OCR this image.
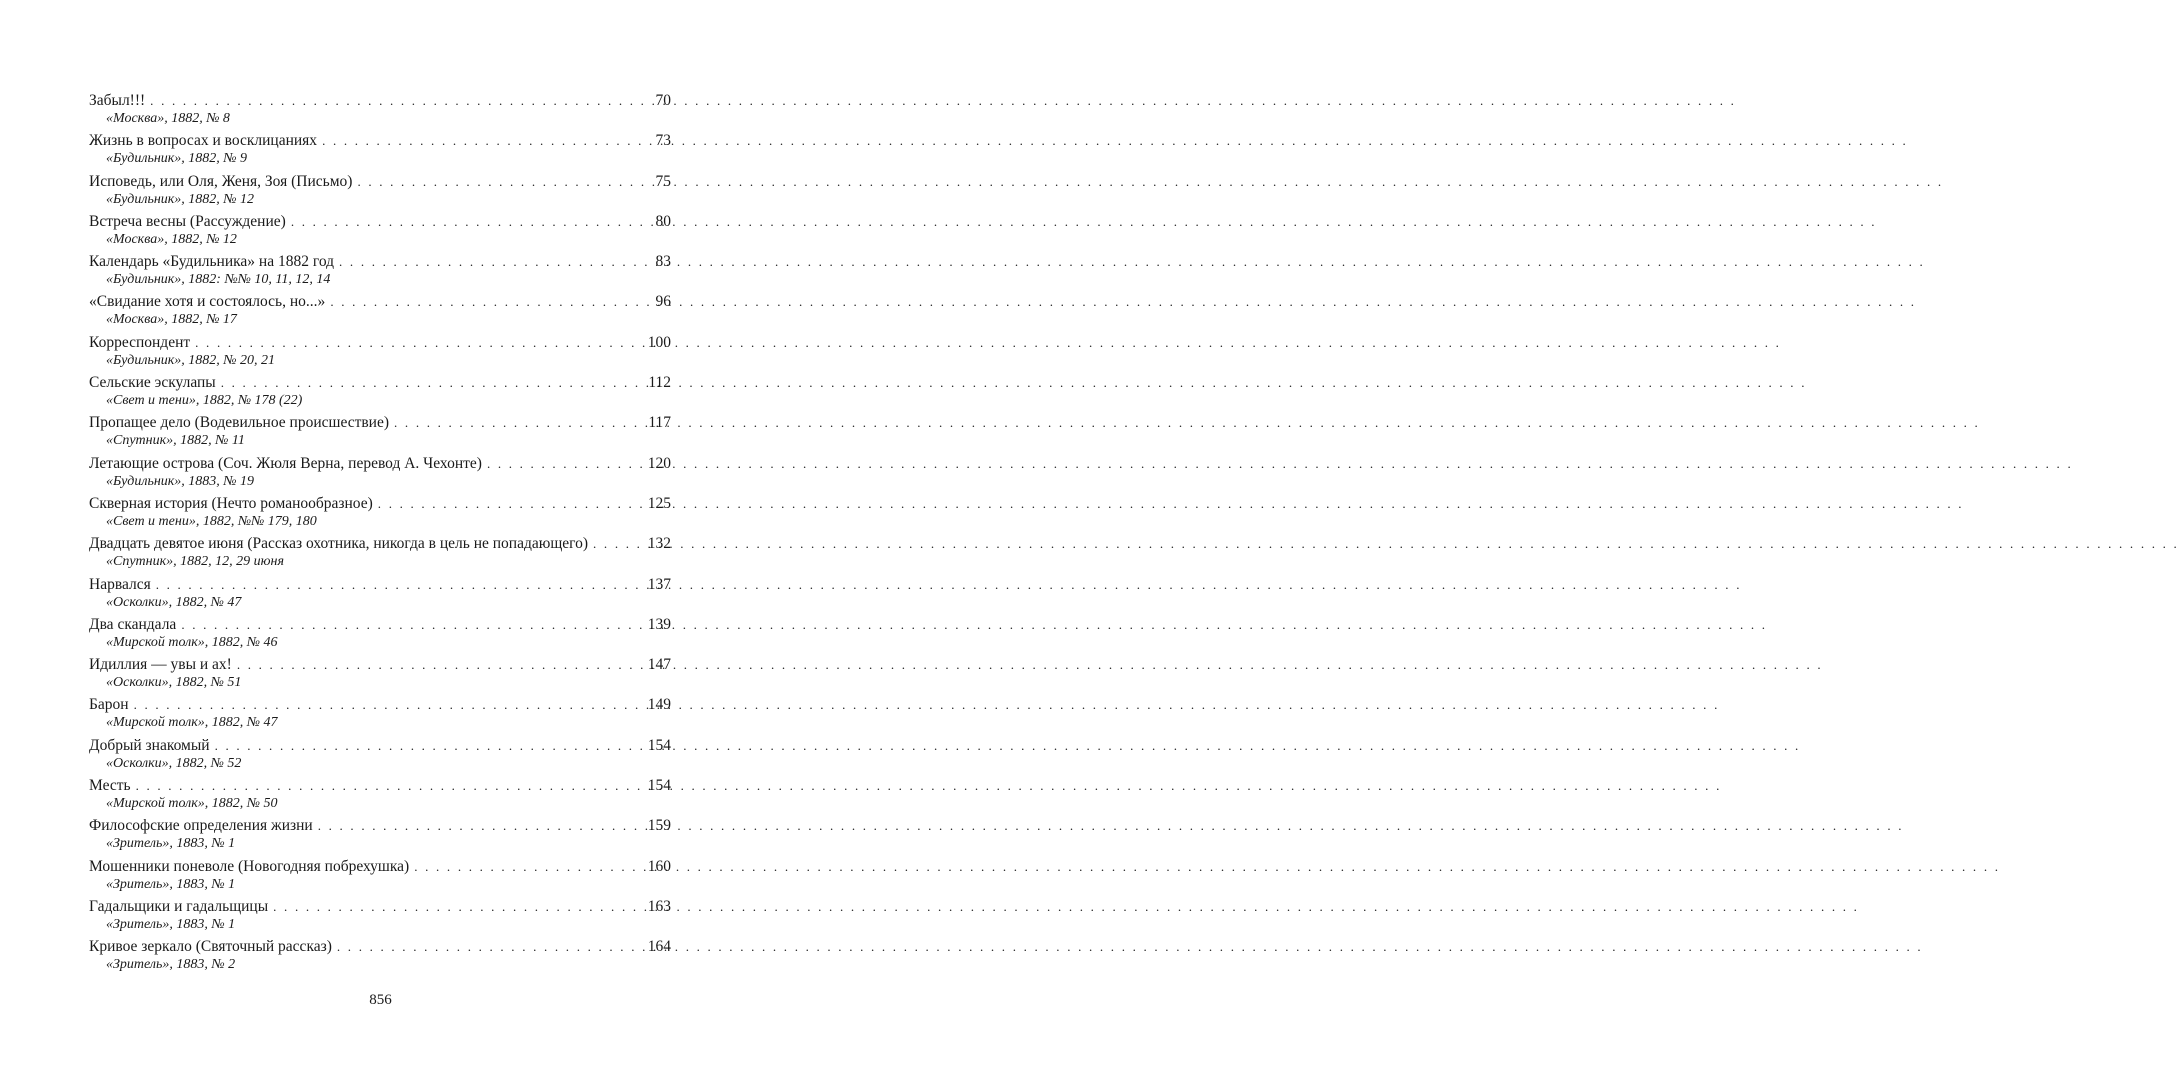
Забыл!!! . . .	70
«Москва», 1882, № 8
Жизнь в вопросах и восклицаниях . . .	73
«Будильник», 1882, № 9
Исповедь, или Оля, Женя, Зоя (Письмо) . . .	75
«Будильник», 1882, № 12
Встреча весны (Рассуждение) . . .	80
«Москва», 1882, № 12
Календарь «Будильника» на 1882 год . . .	83
«Будильник», 1882: №№ 10, 11, 12, 14
«Свидание хотя и состоялось, но...» . . .	96
«Москва», 1882, № 17
Корреспондент . . .	100
«Будильник», 1882, № 20, 21
Сельские эскулапы . . .	112
«Свет и тени», 1882, № 178 (22)
Пропащее дело (Водевильное происшествие) . . .	117
«Спутник», 1882, № 11
Летающие острова (Соч. Жюля Верна, перевод А. Чехонте) . . .	120
«Будильник», 1883, № 19
Скверная история (Нечто романообразное) . . .	125
«Свет и тени», 1882, №№ 179, 180
Двадцать девятое июня (Рассказ охотника, никогда в цель не попадающего) . . .	132
«Спутник», 1882, 12, 29 июня
Нарвался . . .	137
«Осколки», 1882, № 47
Два скандала . . .	139
«Мирской толк», 1882, № 46
Идиллия — увы и ах! . . .	147
«Осколки», 1882, № 51
Барон . . .	149
«Мирской толк», 1882, № 47
Добрый знакомый . . .	154
«Осколки», 1882, № 52
Месть . . .	154
«Мирской толк», 1882, № 50
Философские определения жизни . . .	159
«Зритель», 1883, № 1
Мошенники поневоле (Новогодняя побрехушка) . . .	160
«Зритель», 1883, № 1
Гадальщики и гадальщицы . . .	163
«Зритель», 1883, № 1
Кривое зеркало (Святочный рассказ) . . .	164
«Зритель», 1883, № 2
856
